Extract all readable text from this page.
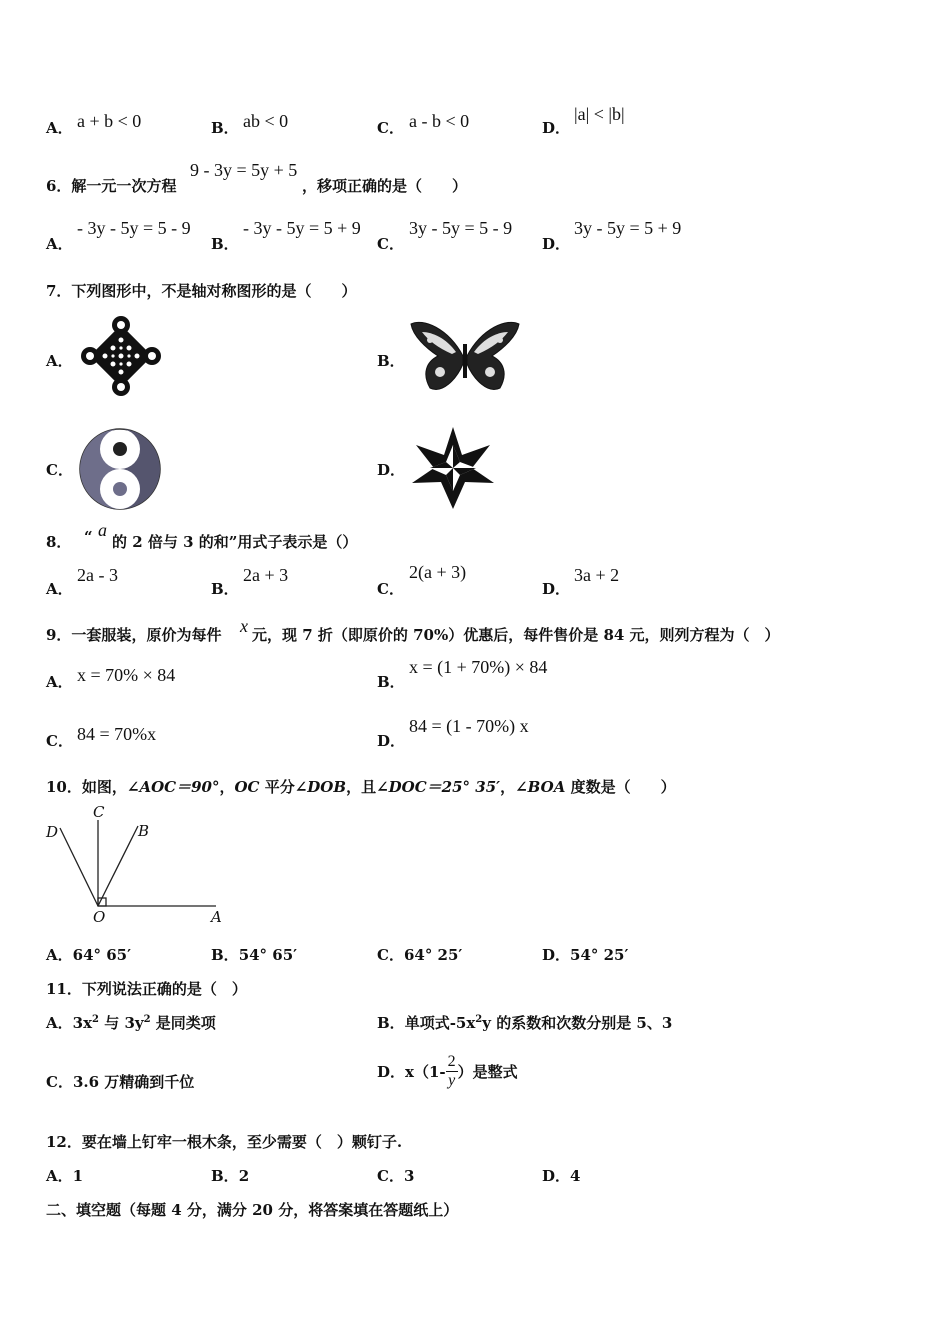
A． a + b < 0	B． ab < 0	C． a - b < 0	D．
|a| < |b|
6．解一元一次方程
9 - 3y = 5y + 5
，移项正确的是（　　）
A．
- 3y - 5y = 5 - 9
B．
- 3y - 5y = 5 + 9
C．
3y - 5y = 5 - 9
D．
3y - 5y = 5 + 9
7．下列图形中，不是轴对称图形的是（　　）
A．	B．
C．	D．
8． “ a
的 2 倍与 3 的和”用式子表示是（）
A．
2a - 3
B．
2a + 3
C．
2(a + 3)
D．
3a + 2
9．一套服装，原价为每件 x 元，现 7 折（即原价的 70%）优惠后，每件售价是 84 元，则列方程为（　）
A． x = 70% × 84	B．
x = (1 + 70%) × 84
C． 84 = 70%x	D．
84 = (1 - 70%) x
10．如图，∠AOC＝90°，OC 平分∠DOB，且∠DOC＝25° 35′，∠BOA 度数是（　　）
C
D	B
O	A
A．64° 65′	B．54° 65′	C．64° 25′	D．54° 25′
11．下列说法正确的是（　）
A．$3x^2$ 与 $3y^2$ 是同类项	B．单项式$-5x^2y$ 的系数和次数分别是 5、3
C．3.6 万精确到千位
D． $x(1- \frac{2}{y}$ ）是整式
12．要在墙上钉牢一根木条，至少需要（　）颗钉子.
A．1	B．2	C．3	D．4
二、填空题（每题 4 分，满分 20 分，将答案填在答题纸上）
